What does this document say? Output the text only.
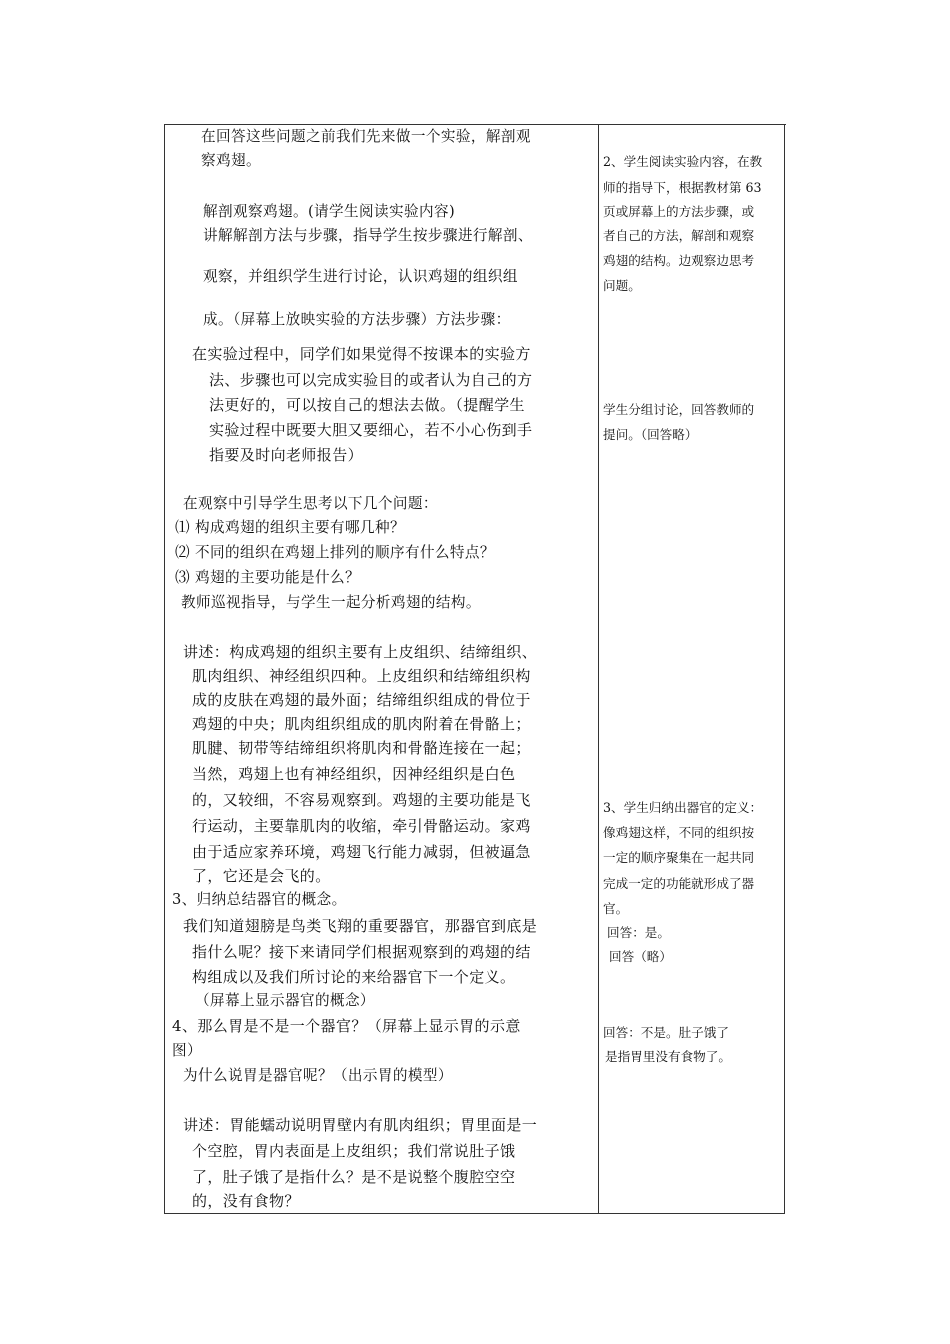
在回答这些问题之前我们先来做一个实验，解剖观
察鸡翅。
解剖观察鸡翅。(请学生阅读实验内容)
讲解解剖方法与步骤，指导学生按步骤进行解剖、
观察，并组织学生进行讨论，认识鸡翅的组织组
成。（屏幕上放映实验的方法步骤）方法步骤：
在实验过程中，同学们如果觉得不按课本的实验方
法、步骤也可以完成实验目的或者认为自己的方
法更好的，可以按自己的想法去做。（提醒学生
实验过程中既要大胆又要细心，若不小心伤到手
指要及时向老师报告）
在观察中引导学生思考以下几个问题：
⑴ 构成鸡翅的组织主要有哪几种？
⑵ 不同的组织在鸡翅上排列的顺序有什么特点？
⑶ 鸡翅的主要功能是什么？
教师巡视指导，与学生一起分析鸡翅的结构。
讲述：构成鸡翅的组织主要有上皮组织、结缔组织、
肌肉组织、神经组织四种。上皮组织和结缔组织构
成的皮肤在鸡翅的最外面；结缔组织组成的骨位于
鸡翅的中央；肌肉组织组成的肌肉附着在骨骼上；
肌腱、韧带等结缔组织将肌肉和骨骼连接在一起；
当然，鸡翅上也有神经组织，因神经组织是白色
的，又较细，不容易观察到。鸡翅的主要功能是飞
行运动，主要靠肌肉的收缩，牵引骨骼运动。家鸡
由于适应家养环境，鸡翅飞行能力减弱，但被逼急
了，它还是会飞的。
3、归纳总结器官的概念。
我们知道翅膀是鸟类飞翔的重要器官，那器官到底是
指什么呢？接下来请同学们根据观察到的鸡翅的结
构组成以及我们所讨论的来给器官下一个定义。
（屏幕上显示器官的概念）
4、那么胃是不是一个器官？（屏幕上显示胃的示意
图）
为什么说胃是器官呢？（出示胃的模型）
讲述：胃能蠕动说明胃壁内有肌肉组织；胃里面是一
个空腔，胃内表面是上皮组织；我们常说肚子饿
了，肚子饿了是指什么？是不是说整个腹腔空空
的，没有食物？
2、学生阅读实验内容，在教
师的指导下，根据教材第 63
页或屏幕上的方法步骤，或
者自己的方法，解剖和观察
鸡翅的结构。边观察边思考
问题。
学生分组讨论，回答教师的
提问。（回答略）
3、学生归纳出器官的定义：
像鸡翅这样，不同的组织按
一定的顺序聚集在一起共同
完成一定的功能就形成了器
官。
回答：是。
回答（略）
回答：不是。肚子饿了
是指胃里没有食物了。
